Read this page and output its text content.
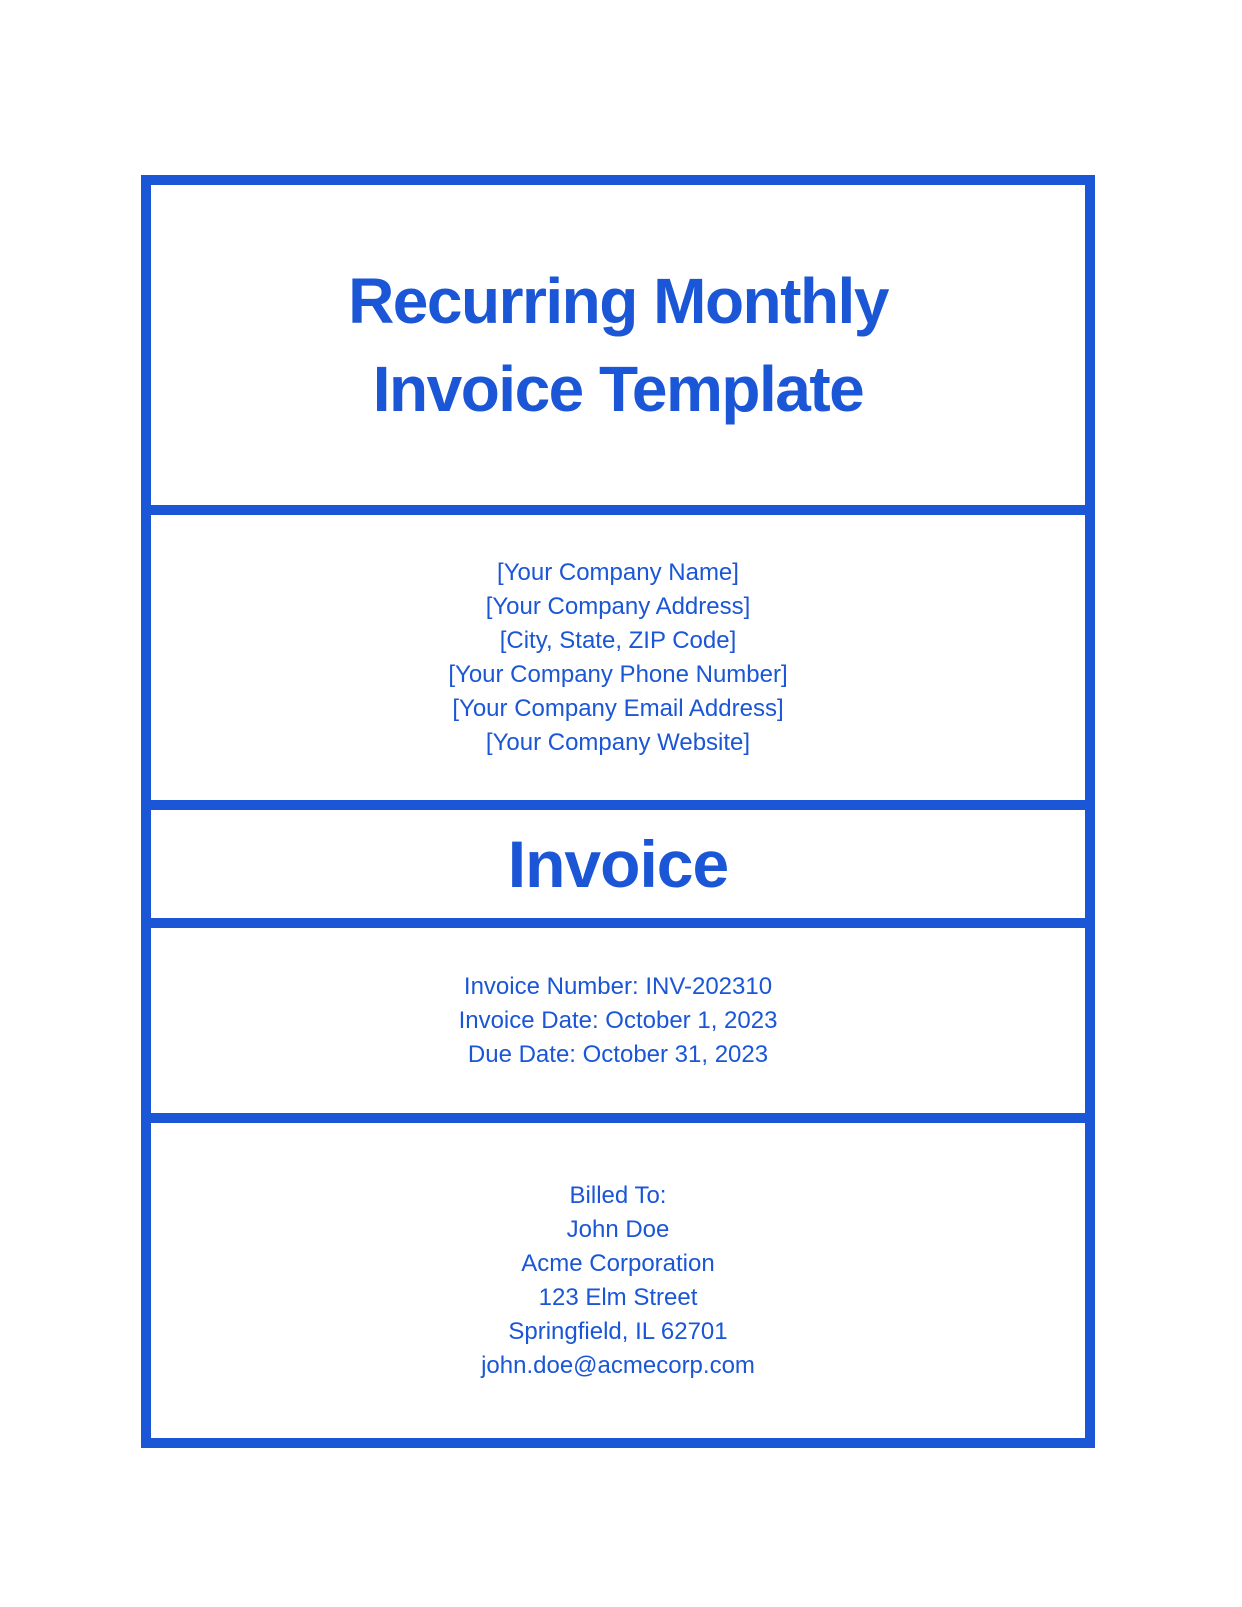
Recurring Monthly
Invoice Template
[Your Company Name]
[Your Company Address]
[City, State, ZIP Code]
[Your Company Phone Number]
[Your Company Email Address]
[Your Company Website]
Invoice
Invoice Number: INV-202310
Invoice Date: October 1, 2023
Due Date: October 31, 2023
Billed To:
John Doe
Acme Corporation
123 Elm Street
Springfield, IL 62701
john.doe@acmecorp.com
